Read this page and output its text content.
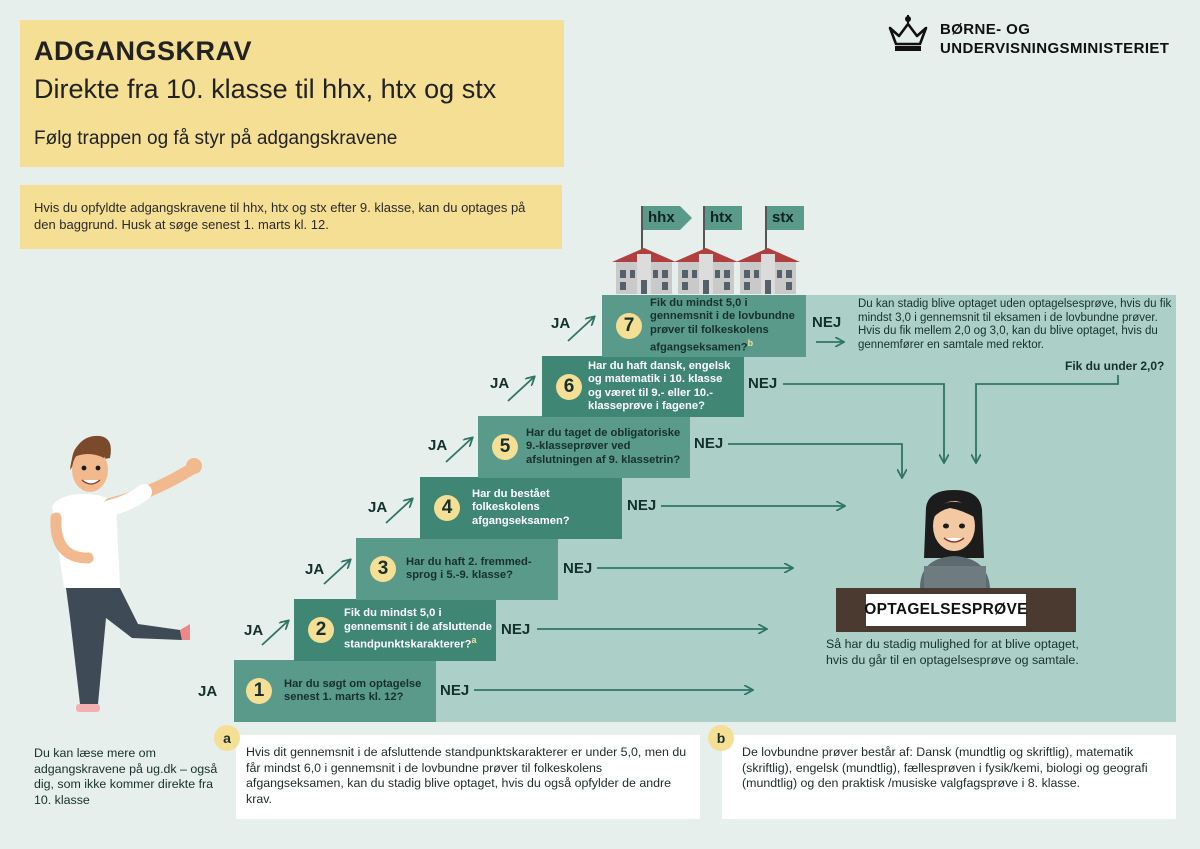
ADGANGSKRAV
Direkte fra 10. klasse til hhx, htx og stx
Følg trappen og få styr på adgangskravene
Hvis du opfyldte adgangskravene til hhx, htx og stx efter 9. klasse, kan du optages på den baggrund. Husk at søge senest 1. marts kl. 12.
BØRNE- OG
UNDERVISNINGSMINISTERIET
Du kan stadig blive optaget uden optagelsesprøve, hvis du fik mindst 3,0 i gennemsnit til eksamen i de lovbundne prøver. Hvis du fik mellem 2,0 og 3,0, kan du blive optaget, hvis du gennemfører en samtale med rektor.
Fik du under 2,0?
1	Har du søgt om optagelse senest 1. marts kl. 12?
2
Fik du mindst 5,0 i gennemsnit i de afsluttende standpunktskarakterer?$^a$
3	Har du haft 2. fremmed- sprog i 5.-9. klasse?
4
Har du bestået folkeskolens afgangseksamen?
5
Har du taget de obligatoriske 9.-klasseprøver ved afslutningen af 9. klassetrin?
6
Har du haft dansk, engelsk og matematik i 10. klasse og været til 9.- eller 10.- klasseprøve i fagene?
7
Fik du mindst 5,0 i gennemsnit i de lovbundne prøver til folkeskolens afgangseksamen?$^b$
JA
JA
JA
JA
JA
JA
JA
NEJ
NEJ
NEJ
NEJ
NEJ
NEJ
NEJ
hhx	htx	stx
OPTAGELSESPRØVE
Så har du stadig mulighed for at blive optaget,
hvis du går til en optagelsesprøve og samtale.
Du kan læse mere om adgangskravene på ug.dk – også dig, som ikke kommer direkte fra 10. klasse
Hvis dit gennemsnit i de afsluttende standpunktskarakterer er under 5,0, men du får mindst 6,0 i gennemsnit i de lovbundne prøver til folkeskolens afgangseksamen, kan du stadig blive optaget, hvis du også opfylder de andre krav.
a
De lovbundne prøver består af: Dansk (mundtlig og skriftlig), matematik (skriftlig), engelsk (mundtlig), fællesprøven i fysik/kemi, biologi og geografi (mundtlig) og den praktisk /musiske valgfagsprøve i 8. klasse.
b
